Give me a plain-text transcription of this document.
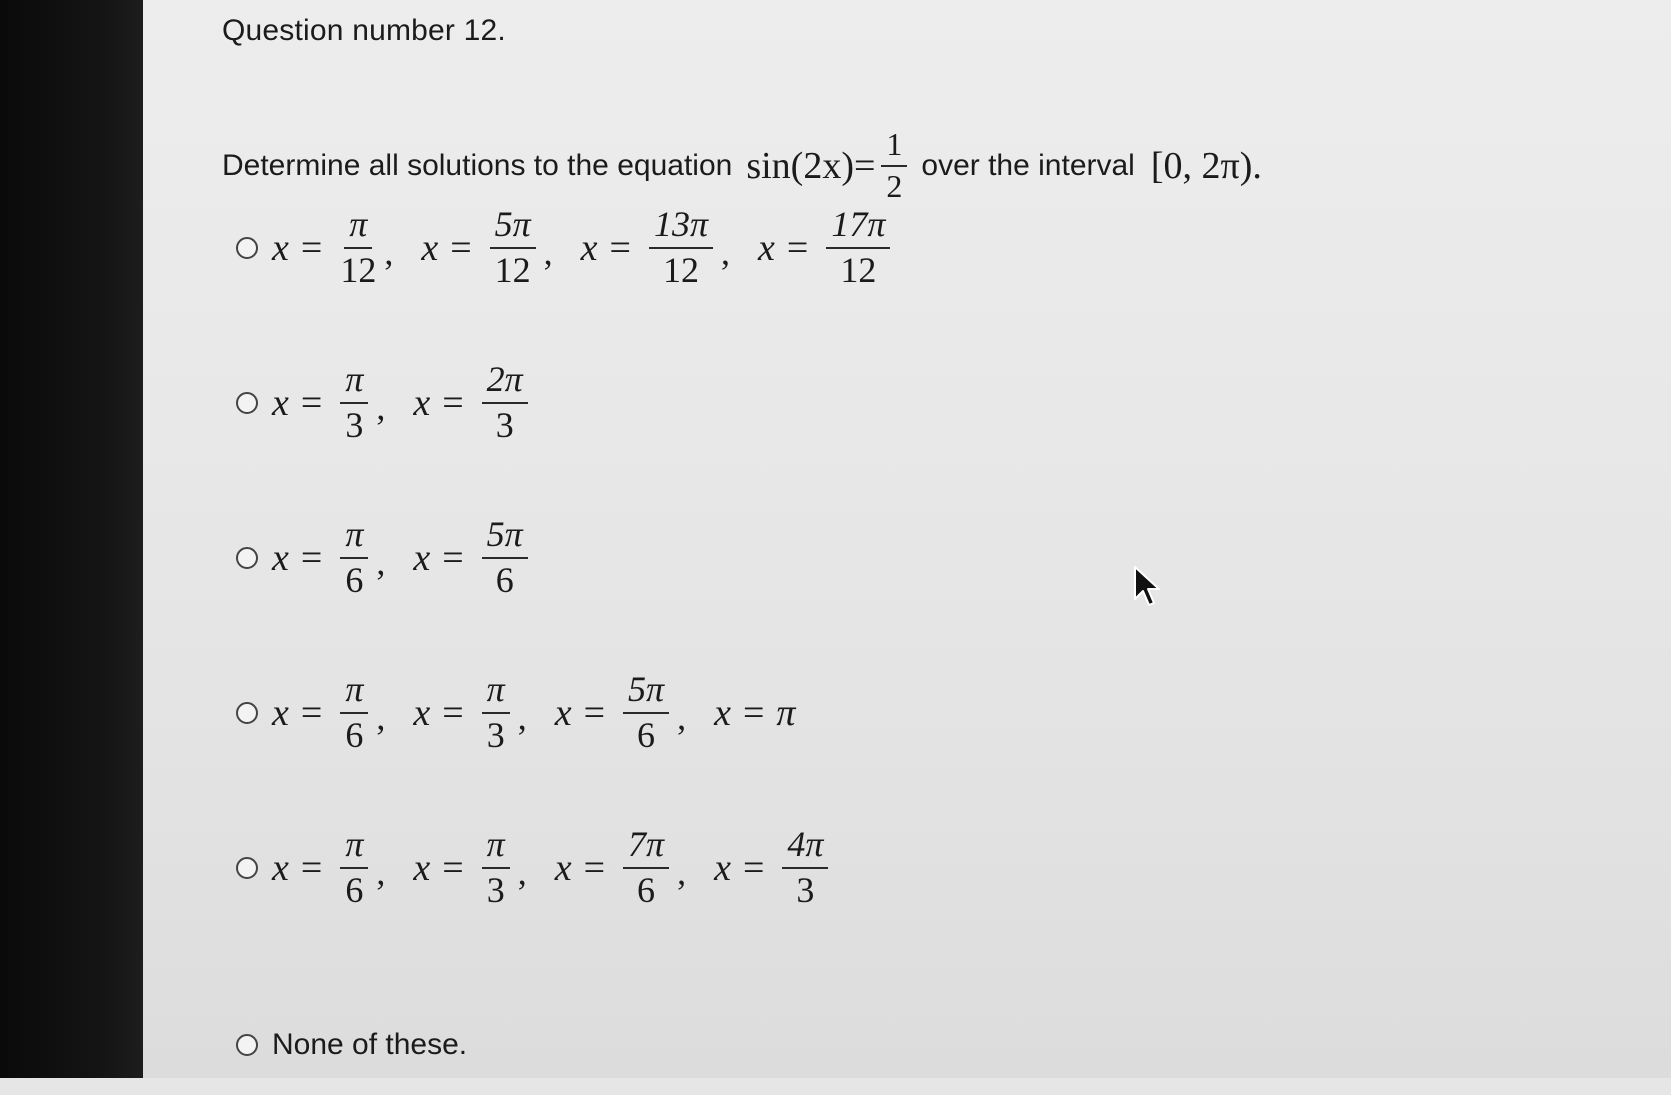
Question number 12.
Determine all solutions to the equation $\sin(2x)= \frac{1}{2}$ over the interval [0, 2π).
$x = \frac{\pi}{12}$ , $x = \frac{5\pi}{12}$ , $x = \frac{13\pi}{12}$ , $x = \frac{17\pi}{12}$
$x = \frac{\pi}{3}$ , $x = \frac{2\pi}{3}$
$x = \frac{\pi}{6}$ , $x = \frac{5\pi}{6}$
$x = \frac{\pi}{6}$ , $x = \frac{\pi}{3}$ , $x = \frac{5\pi}{6}$ , x = π
$x = \frac{\pi}{6}$ , $x = \frac{\pi}{3}$ , $x = \frac{7\pi}{6}$ , $x = \frac{4\pi}{3}$
None of these.
